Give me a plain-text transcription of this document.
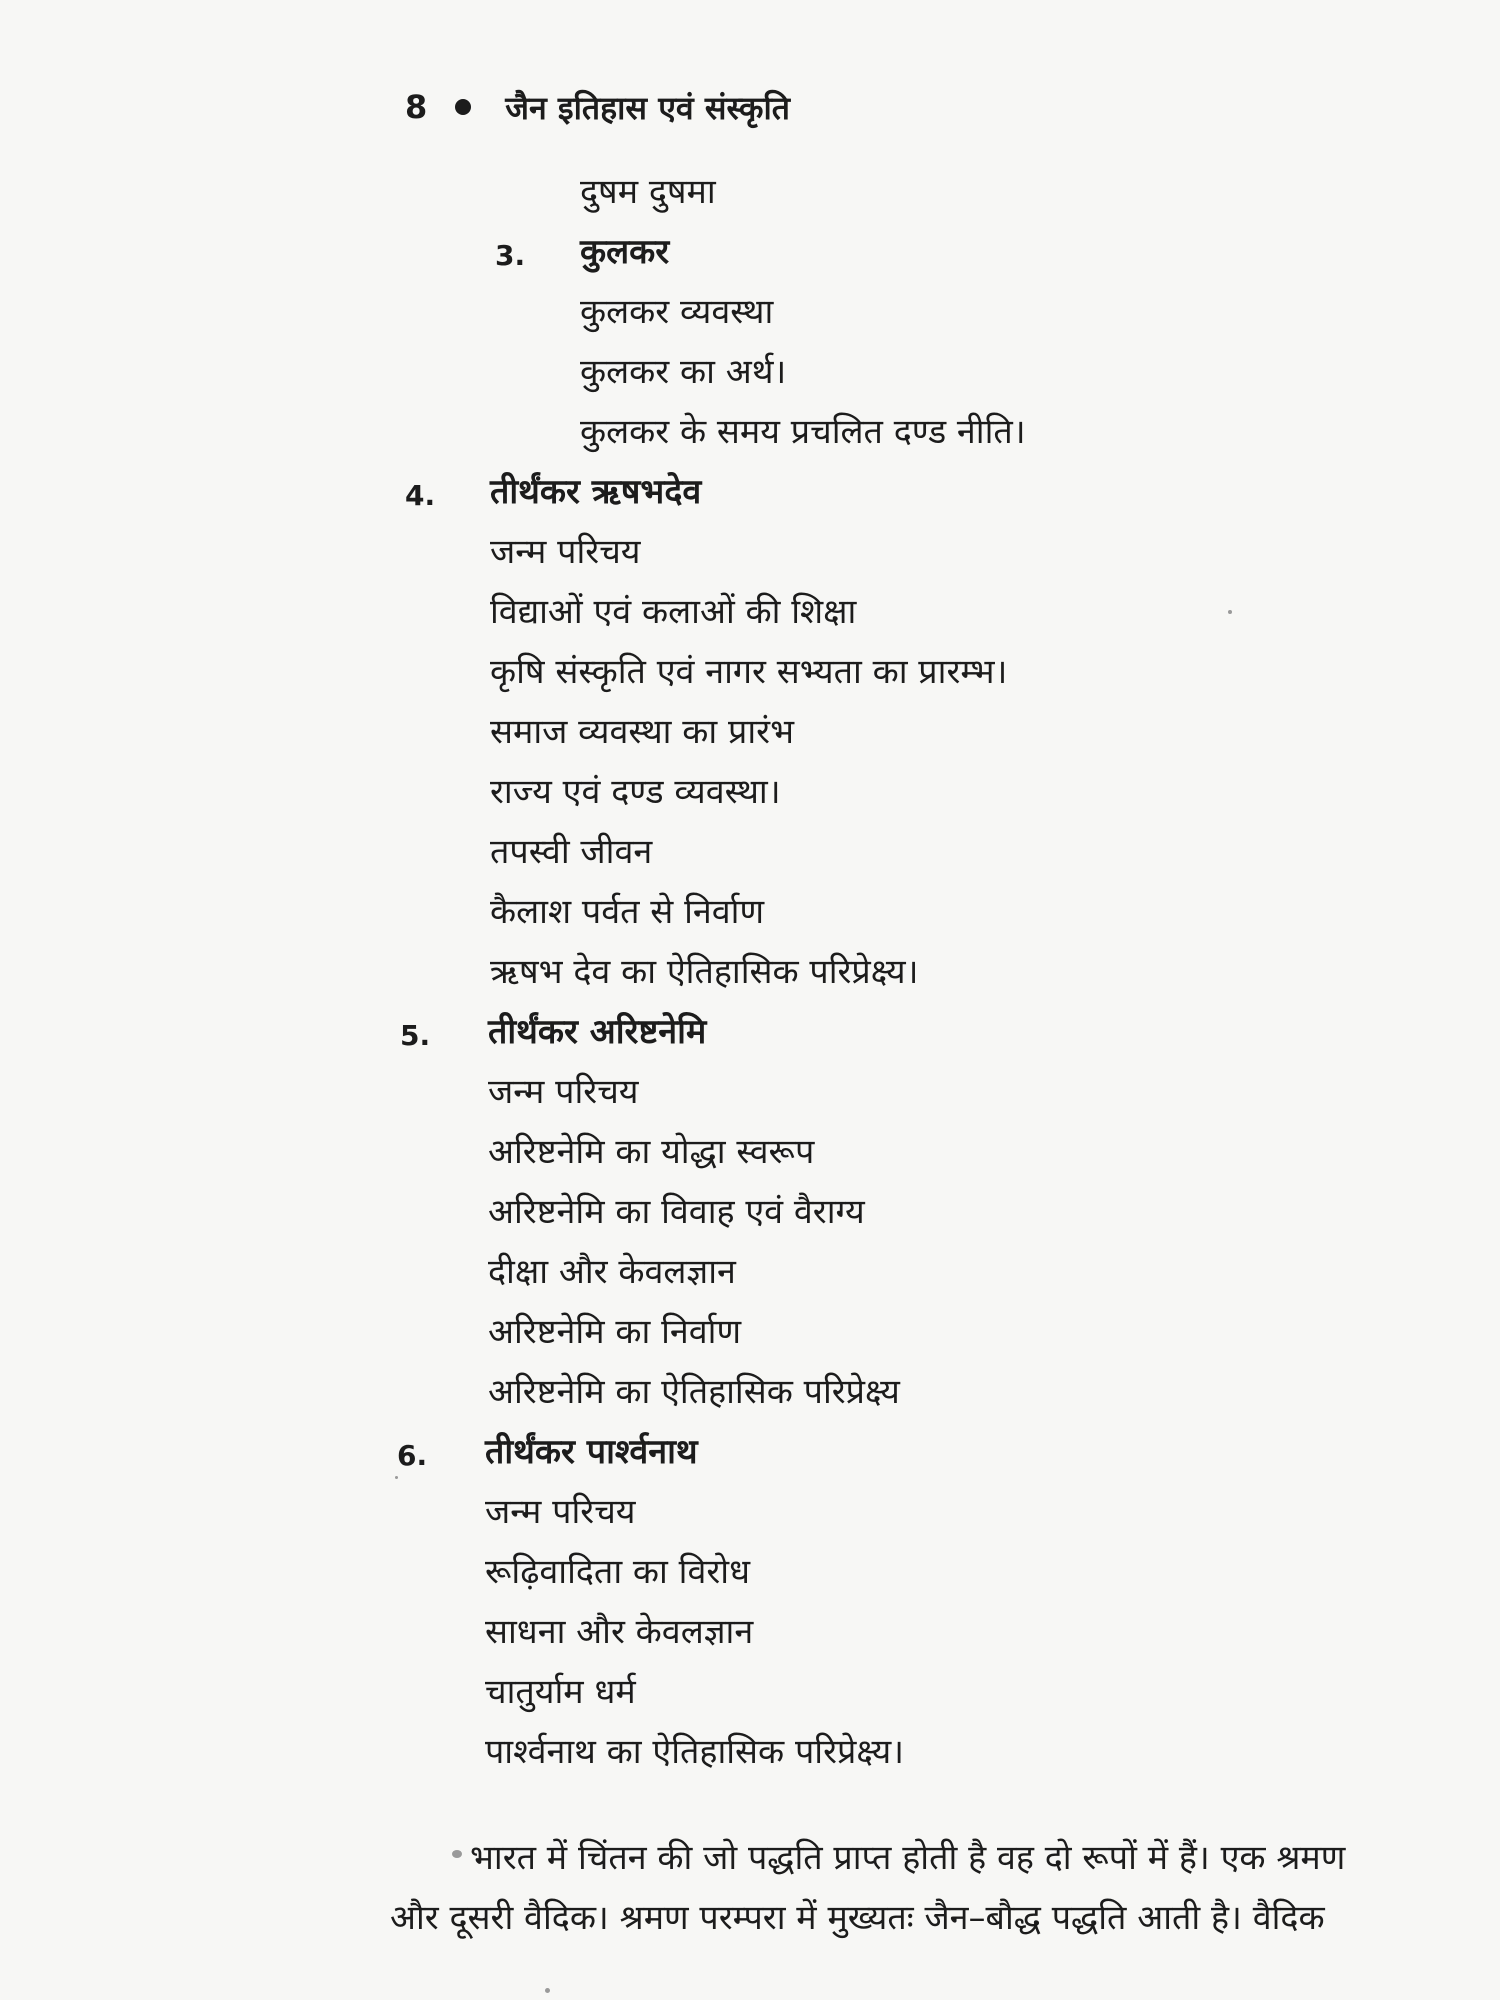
8 जैन इतिहास एवं संस्कृति
दुषम दुषमा
3. कुलकर
कुलकर व्यवस्था
कुलकर का अर्थ।
कुलकर के समय प्रचलित दण्ड नीति।
4. तीर्थंकर ऋषभदेव
जन्म परिचय
विद्याओं एवं कलाओं की शिक्षा
कृषि संस्कृति एवं नागर सभ्यता का प्रारम्भ।
समाज व्यवस्था का प्रारंभ
राज्य एवं दण्ड व्यवस्था।
तपस्वी जीवन
कैलाश पर्वत से निर्वाण
ऋषभ देव का ऐतिहासिक परिप्रेक्ष्य।
5. तीर्थंकर अरिष्टनेमि
जन्म परिचय
अरिष्टनेमि का योद्धा स्वरूप
अरिष्टनेमि का विवाह एवं वैराग्य
दीक्षा और केवलज्ञान
अरिष्टनेमि का निर्वाण
अरिष्टनेमि का ऐतिहासिक परिप्रेक्ष्य
6. तीर्थंकर पार्श्वनाथ
जन्म परिचय
रूढ़िवादिता का विरोध
साधना और केवलज्ञान
चातुर्याम धर्म
पार्श्वनाथ का ऐतिहासिक परिप्रेक्ष्य।
भारत में चिंतन की जो पद्धति प्राप्त होती है वह दो रूपों में हैं। एक श्रमण
और दूसरी वैदिक। श्रमण परम्परा में मुख्यतः जैन–बौद्ध पद्धति आती है। वैदिक
